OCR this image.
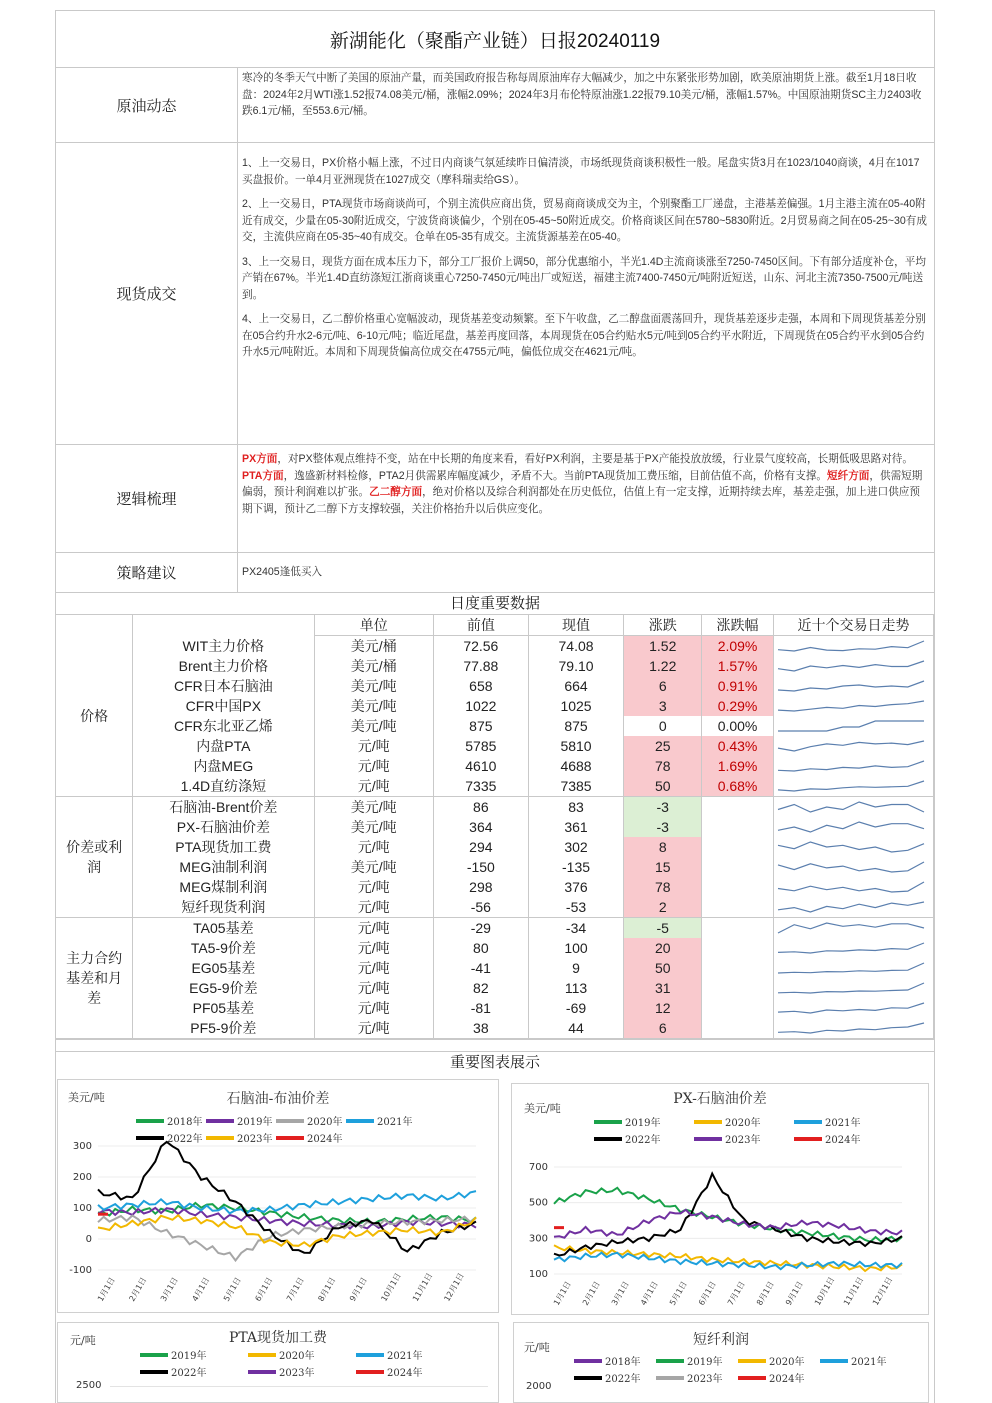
新湖能化（聚酯产业链）日报20240119
原油动态
寒冷的冬季天气中断了美国的原油产量，而美国政府报告称每周原油库存大幅减少，加之中东紧张形势加剧，欧美原油期货上涨。截至1月18日收盘：2024年2月WTI涨1.52报74.08美元/桶，涨幅2.09%；2024年3月布伦特原油涨1.22报79.10美元/桶，涨幅1.57%。中国原油期货SC主力2403收跌6.1元/桶，至553.6元/桶。
现货成交

1、上一交易日，PX价格小幅上涨，不过日内商谈气氛延续昨日偏清淡，市场纸现货商谈积极性一般。尾盘实货3月在1023/1040商谈，4月在1017买盘报价。一单4月亚洲现货在1027成交（摩科瑞卖给GS）。

2、上一交易日，PTA现货市场商谈尚可，个别主流供应商出货，贸易商商谈成交为主，个别聚酯工厂递盘，主港基差偏强。1月主港主流在05-40附近有成交，少量在05-30附近成交，宁波货商谈偏少，个别在05-45~50附近成交。价格商谈区间在5780~5830附近。2月贸易商之间在05-25~30有成交，主流供应商在05-35~40有成交。仓单在05-35有成交。主流货源基差在05-40。

3、上一交易日，现货方面在成本压力下，部分工厂报价上调50，部分优惠缩小，半光1.4D主流商谈涨至7250-7450区间。下有部分适度补仓，平均产销在67%。半光1.4D直纺涤短江浙商谈重心7250-7450元/吨出厂或短送，福建主流7400-7450元/吨附近短送，山东、河北主流7350-7500元/吨送到。

4、上一交易日，乙二醇价格重心宽幅波动，现货基差变动频繁。至下午收盘，乙二醇盘面震荡回升，现货基差逐步走强，本周和下周现货基差分别在05合约升水2-6元/吨、6-10元/吨；临近尾盘，基差再度回落，本周现货在05合约贴水5元/吨到05合约平水附近，下周现货在05合约平水到05合约升水5元/吨附近。本周和下周现货偏高位成交在4755元/吨，偏低位成交在4621元/吨。

逻辑梳理
PX方面，对PX整体观点维持不变，站在中长期的角度来看，看好PX利润，主要是基于PX产能投放放缓，行业景气度较高，长期低吸思路对待。PTA方面，逸盛新材料检修，PTA2月供需累库幅度减少，矛盾不大。当前PTA现货加工费压缩，目前估值不高，价格有支撑。短纤方面，供需短期偏弱，预计利润难以扩张。乙二醇方面，绝对价格以及综合利润都处在历史低位，估值上有一定支撑，近期持续去库，基差走强，加上进口供应预期下调，预计乙二醇下方支撑较强，关注价格抬升以后供应变化。
策略建议	PX2405逢低买入
日度重要数据
		单位	前值	现值	涨跌	涨跌幅	近十个交易日走势
价格	WIT主力价格	美元/桶	72.56	74.08	1.52	2.09%	

	Brent主力价格	美元/桶	77.88	79.10	1.22	1.57%	

	CFR日本石脑油	美元/吨	658	664	6	0.91%	

	CFR中国PX	美元/吨	1022	1025	3	0.29%	

	CFR东北亚乙烯	美元/吨	875	875	0	0.00%	

	内盘PTA	元/吨	5785	5810	25	0.43%	

	内盘MEG	元/吨	4610	4688	78	1.69%	

	1.4D直纺涤短	元/吨	7335	7385	50	0.68%	

价差或利润	石脑油-Brent价差	美元/吨	86	83	-3		

	PX-石脑油价差	美元/吨	364	361	-3		

	PTA现货加工费	元/吨	294	302	8		

	MEG油制利润	美元/吨	-150	-135	15		

	MEG煤制利润	元/吨	298	376	78		

	短纤现货利润	元/吨	-56	-53	2		

主力合约基差和月差	TA05基差	元/吨	-29	-34	-5		

	TA5-9价差	元/吨	80	100	20		

	EG05基差	元/吨	-41	9	50		

	EG5-9价差	元/吨	82	113	31		

	PF05基差	元/吨	-81	-69	12		

	PF5-9价差	元/吨	38	44	6		
重要图表展示
石脑油-布油价差
美元/吨
2018年	2019年	2020年	2021年
2022年	2023年	2024年
300
200
100
0
-100
1月1日 2月1日 3月1日 4月1日 5月1日 6月1日 7月1日 8月1日 9月1日 10月1日 11月1日 12月1日
PX-石脑油价差
美元/吨
2019年	2020年	2021年
2022年	2023年	2024年
700
500
300
100
1月1日 2月1日 3月1日 4月1日 5月1日 6月1日 7月1日 8月1日 9月1日 10月1日 11月1日 12月1日
PTA现货加工费
元/吨
2019年	2020年	2021年
2022年	2023年	2024年
2500
短纤利润
元/吨
2018年	2019年	2020年	2021年
2022年	2023年	2024年
2000
